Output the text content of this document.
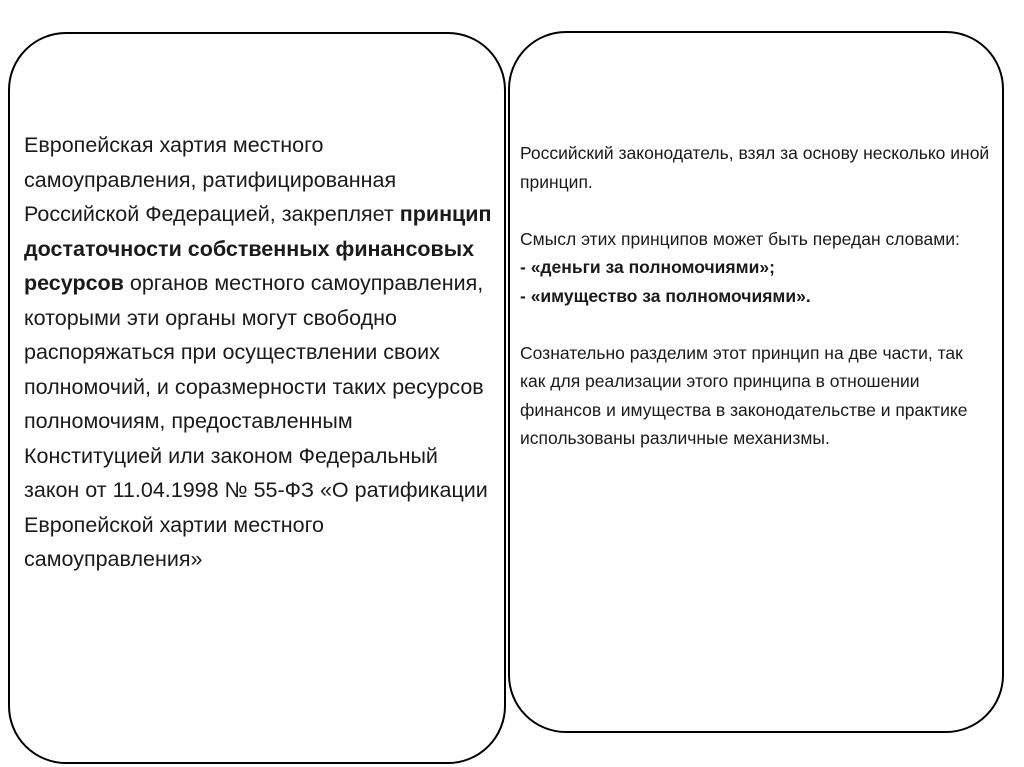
Европейская хартия местного самоуправления, ратифицированная Российской Федерацией, закрепляет принцип достаточности собственных финансовых ресурсов органов местного самоуправления, которыми эти органы могут свободно распоряжаться при осуществлении своих полномочий, и соразмерности таких ресурсов полномочиям, предоставленным Конституцией или законом Федеральный закон от 11.04.1998 № 55-ФЗ «О ратификации Европейской хартии местного самоуправления»

Российский законодатель, взял за основу несколько иной принцип.

Смысл этих принципов может быть передан словами:

- «деньги за полномочиями»;

- «имущество за полномочиями».

Сознательно разделим этот принцип на две части, так как для реализации этого принципа в отношении финансов и имущества в законодательстве и практике использованы различные механизмы.
